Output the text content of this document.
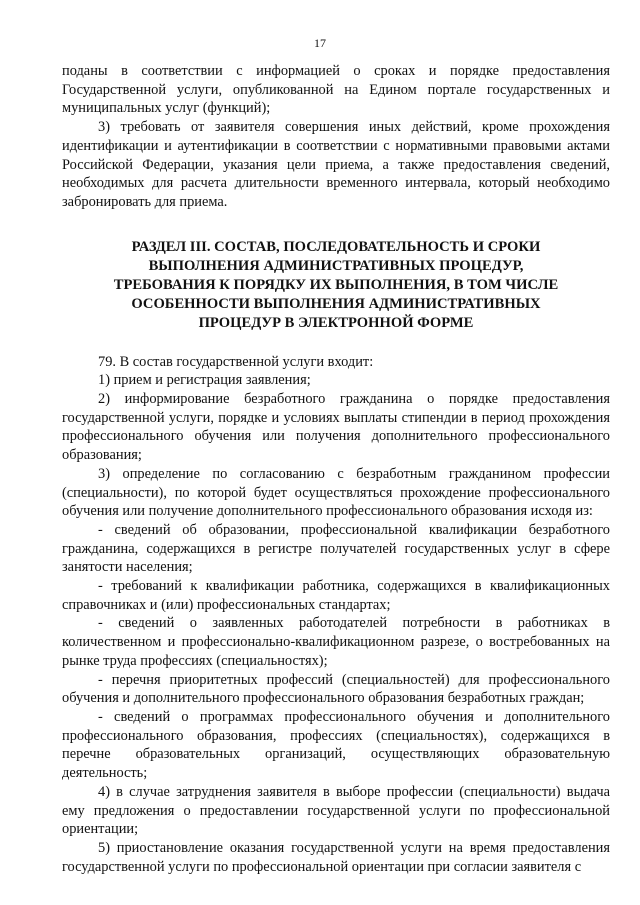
17

поданы в соответствии с информацией о сроках и порядке предоставления Государственной услуги, опубликованной на Едином портале государственных и муниципальных услуг (функций);

3) требовать от заявителя совершения иных действий, кроме прохождения идентификации и аутентификации в соответствии с нормативными правовыми актами Российской Федерации, указания цели приема, а также предоставления сведений, необходимых для расчета длительности временного интервала, который необходимо забронировать для приема.

РАЗДЕЛ III. СОСТАВ, ПОСЛЕДОВАТЕЛЬНОСТЬ И СРОКИ
ВЫПОЛНЕНИЯ АДМИНИСТРАТИВНЫХ ПРОЦЕДУР,
ТРЕБОВАНИЯ К ПОРЯДКУ ИХ ВЫПОЛНЕНИЯ, В ТОМ ЧИСЛЕ
ОСОБЕННОСТИ ВЫПОЛНЕНИЯ АДМИНИСТРАТИВНЫХ
ПРОЦЕДУР В ЭЛЕКТРОННОЙ ФОРМЕ

79. В состав государственной услуги входит:

1) прием и регистрация заявления;

2) информирование безработного гражданина о порядке предоставления государственной услуги, порядке и условиях выплаты стипендии в период прохождения профессионального обучения или получения дополнительного профессионального образования;

3) определение по согласованию с безработным гражданином профессии (специальности), по которой будет осуществляться прохождение профессионального обучения или получение дополнительного профессионального образования исходя из:

- сведений об образовании, профессиональной квалификации безработного гражданина, содержащихся в регистре получателей государственных услуг в сфере занятости населения;

- требований к квалификации работника, содержащихся в квалификационных справочниках и (или) профессиональных стандартах;

- сведений о заявленных работодателей потребности в работниках в количественном и профессионально-квалификационном разрезе, о востребованных на рынке труда профессиях (специальностях);

- перечня приоритетных профессий (специальностей) для профессионального обучения и дополнительного профессионального образования безработных граждан;

- сведений о программах профессионального обучения и дополнительного профессионального образования, профессиях (специальностях), содержащихся в перечне образовательных организаций, осуществляющих образовательную деятельность;

4) в случае затруднения заявителя в выборе профессии (специальности) выдача ему предложения о предоставлении государственной услуги по профессиональной ориентации;

5) приостановление оказания государственной услуги на время предоставления государственной услуги по профессиональной ориентации при согласии заявителя с
